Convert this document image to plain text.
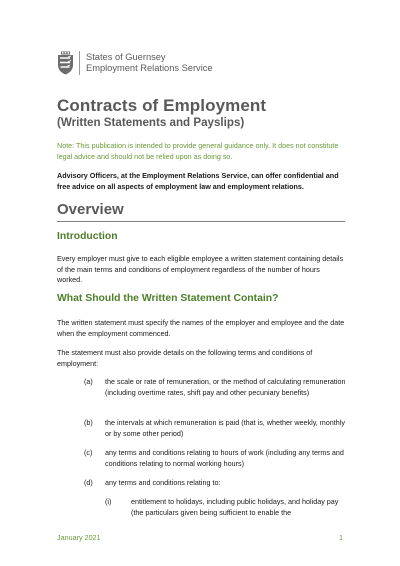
States of Guernsey
Employment Relations Service
Contracts of Employment
(Written Statements and Payslips)
Note: This publication is intended to provide general guidance only. It does not constitute legal advice and should not be relied upon as doing so.
Advisory Officers, at the Employment Relations Service, can offer confidential and free advice on all aspects of employment law and employment relations.
Overview
Introduction
Every employer must give to each eligible employee a written statement containing details of the main terms and conditions of employment regardless of the number of hours worked.
What Should the Written Statement Contain?
The written statement must specify the names of the employer and employee and the date when the employment commenced.
The statement must also provide details on the following terms and conditions of employment:
(a) the scale or rate of remuneration, or the method of calculating remuneration (including overtime rates, shift pay and other pecuniary benefits)
(b) the intervals at which remuneration is paid (that is, whether weekly, monthly or by some other period)
(c) any terms and conditions relating to hours of work (including any terms and conditions relating to normal working hours)
(d) any terms and conditions relating to:
(i)	entitlement to holidays, including public holidays, and holiday pay (the particulars given being sufficient to enable the
January 2021	1
